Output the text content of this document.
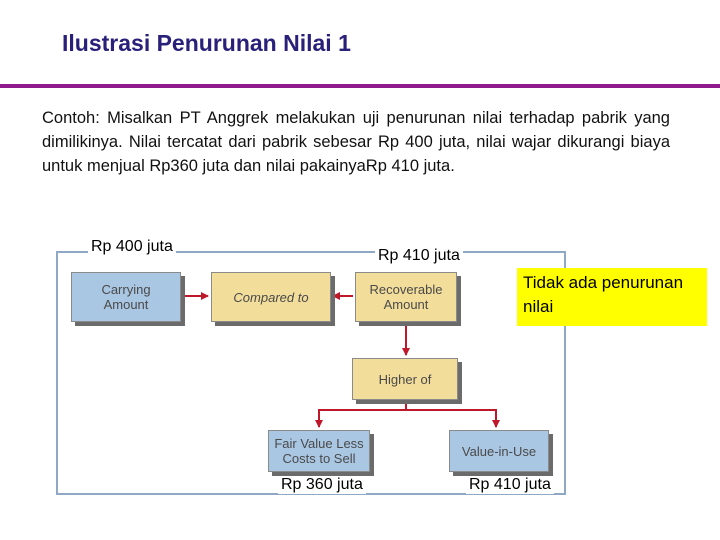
Ilustrasi Penurunan Nilai 1
Contoh: Misalkan PT Anggrek melakukan uji penurunan nilai terhadap pabrik yang dimilikinya. Nilai tercatat dari pabrik sebesar Rp 400 juta, nilai wajar dikurangi biaya untuk menjual Rp360 juta dan nilai pakainyaRp 410 juta.
Carrying
Amount	Compared to	Recoverable
Amount
Higher of
Fair Value Less
Costs to Sell	Value-in-Use
Rp 400 juta
Rp 410 juta
Rp 360 juta	Rp 410 juta
Tidak ada penurunan nilai
